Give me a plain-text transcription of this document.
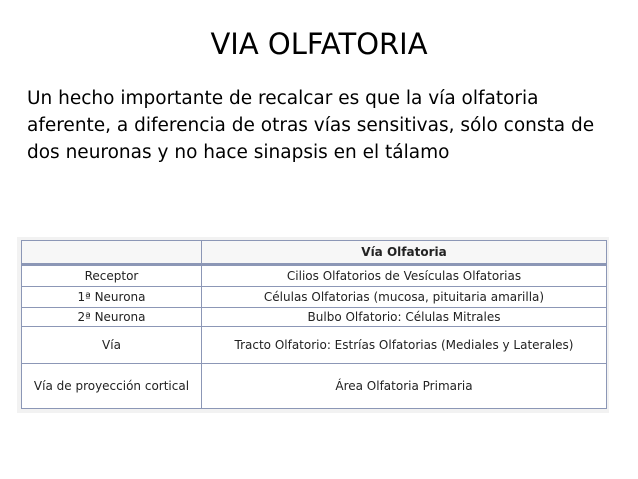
VIA OLFATORIA

Un hecho importante de recalcar es que la vía olfatoria aferente, a diferencia de otras vías sensitivas, sólo consta de dos neuronas y no hace sinapsis en el tálamo

	Vía Olfatoria
Receptor	Cilios Olfatorios de Vesículas Olfatorias
1ª Neurona	Células Olfatorias (mucosa, pituitaria amarilla)
2ª Neurona	Bulbo Olfatorio: Células Mitrales
Vía	Tracto Olfatorio: Estrías Olfatorias (Mediales y Laterales)
Vía de proyección cortical	Área Olfatoria Primaria
